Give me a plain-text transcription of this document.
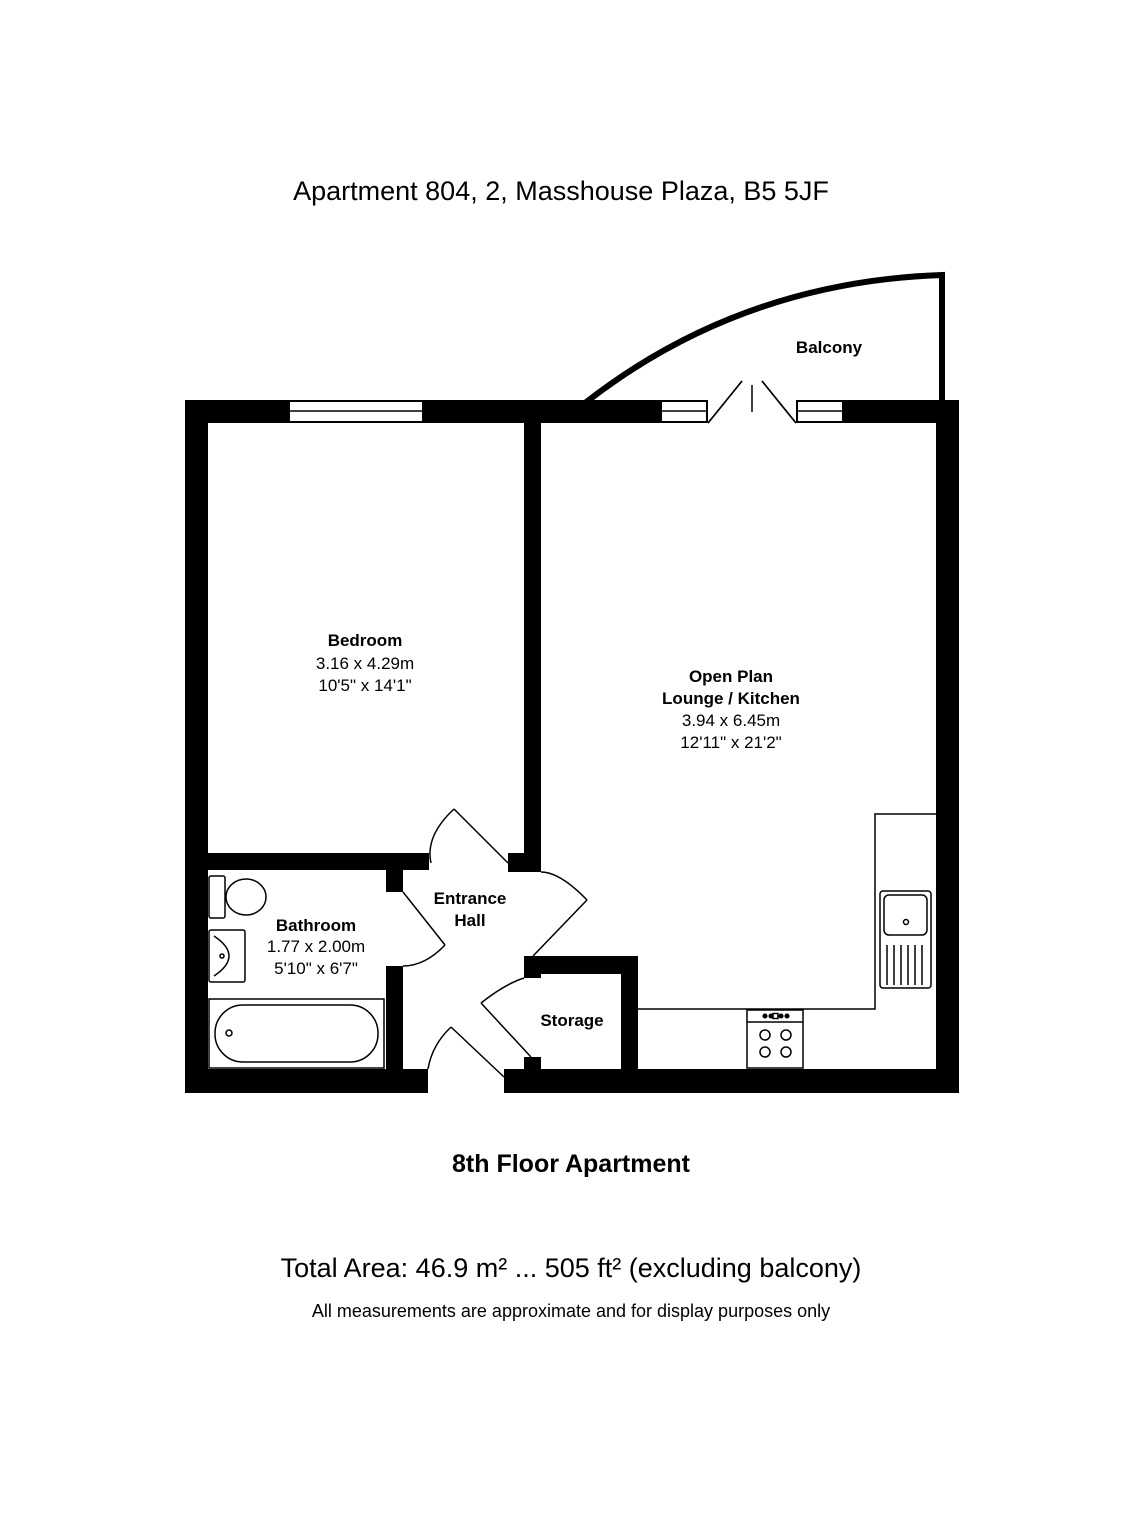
Apartment 804, 2, Masshouse Plaza, B5 5JF
Balcony
Bedroom
3.16 x 4.29m
10'5" x 14'1"	Open Plan
Lounge / Kitchen
3.94 x 6.45m
12'11" x 21'2"
Entrance
Hall
Bathroom
1.77 x 2.00m
5'10" x 6'7"
Storage
8th Floor Apartment
Total Area: 46.9 m² ... 505 ft² (excluding balcony)
All measurements are approximate and for display purposes only
